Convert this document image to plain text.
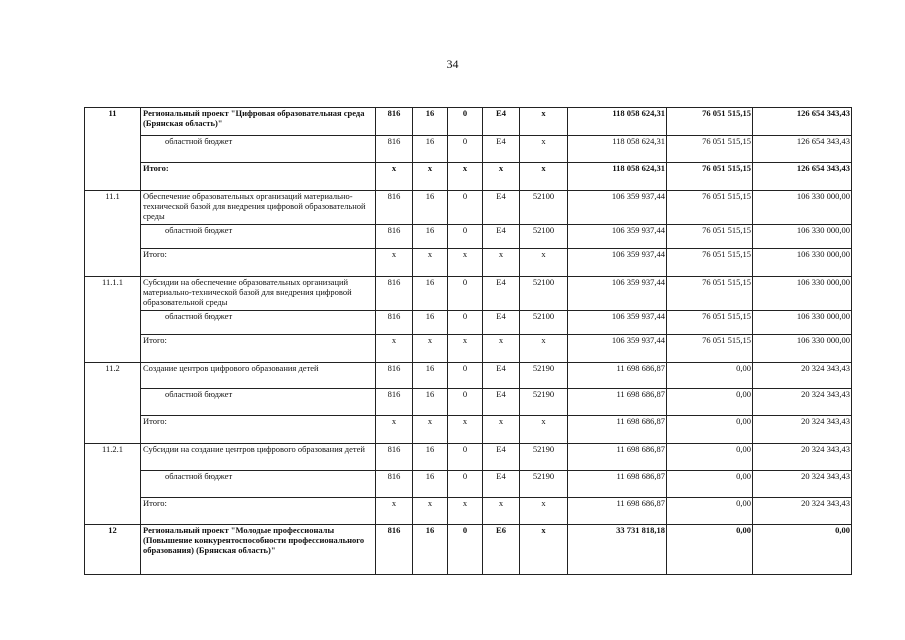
34
11	Региональный проект "Цифровая образовательная среда (Брянская область)"	816	16	0	E4	x	118 058 624,31	76 051 515,15	126 654 343,43
	областной бюджет	816	16	0	E4	x	118 058 624,31	76 051 515,15	126 654 343,43
	Итого:	x	x	x	x	x	118 058 624,31	76 051 515,15	126 654 343,43
11.1	Обеспечение образовательных организаций материально-технической базой для внедрения цифровой образовательной среды	816	16	0	E4	52100	106 359 937,44	76 051 515,15	106 330 000,00
	областной бюджет	816	16	0	E4	52100	106 359 937,44	76 051 515,15	106 330 000,00
	Итого:	x	x	x	x	x	106 359 937,44	76 051 515,15	106 330 000,00
11.1.1	Субсидии на обеспечение образовательных организаций материально-технической базой для внедрения цифровой образовательной среды	816	16	0	E4	52100	106 359 937,44	76 051 515,15	106 330 000,00
	областной бюджет	816	16	0	E4	52100	106 359 937,44	76 051 515,15	106 330 000,00
	Итого:	x	x	x	x	x	106 359 937,44	76 051 515,15	106 330 000,00
11.2	Создание центров цифрового образования детей	816	16	0	E4	52190	11 698 686,87	0,00	20 324 343,43
	областной бюджет	816	16	0	E4	52190	11 698 686,87	0,00	20 324 343,43
	Итого:	x	x	x	x	x	11 698 686,87	0,00	20 324 343,43
11.2.1	Субсидии на создание центров цифрового образования детей	816	16	0	E4	52190	11 698 686,87	0,00	20 324 343,43
	областной бюджет	816	16	0	E4	52190	11 698 686,87	0,00	20 324 343,43
	Итого:	x	x	x	x	x	11 698 686,87	0,00	20 324 343,43
12	Региональный проект "Молодые профессионалы (Повышение конкурентоспособности профессионального образования) (Брянская область)"	816	16	0	E6	x	33 731 818,18	0,00	0,00
